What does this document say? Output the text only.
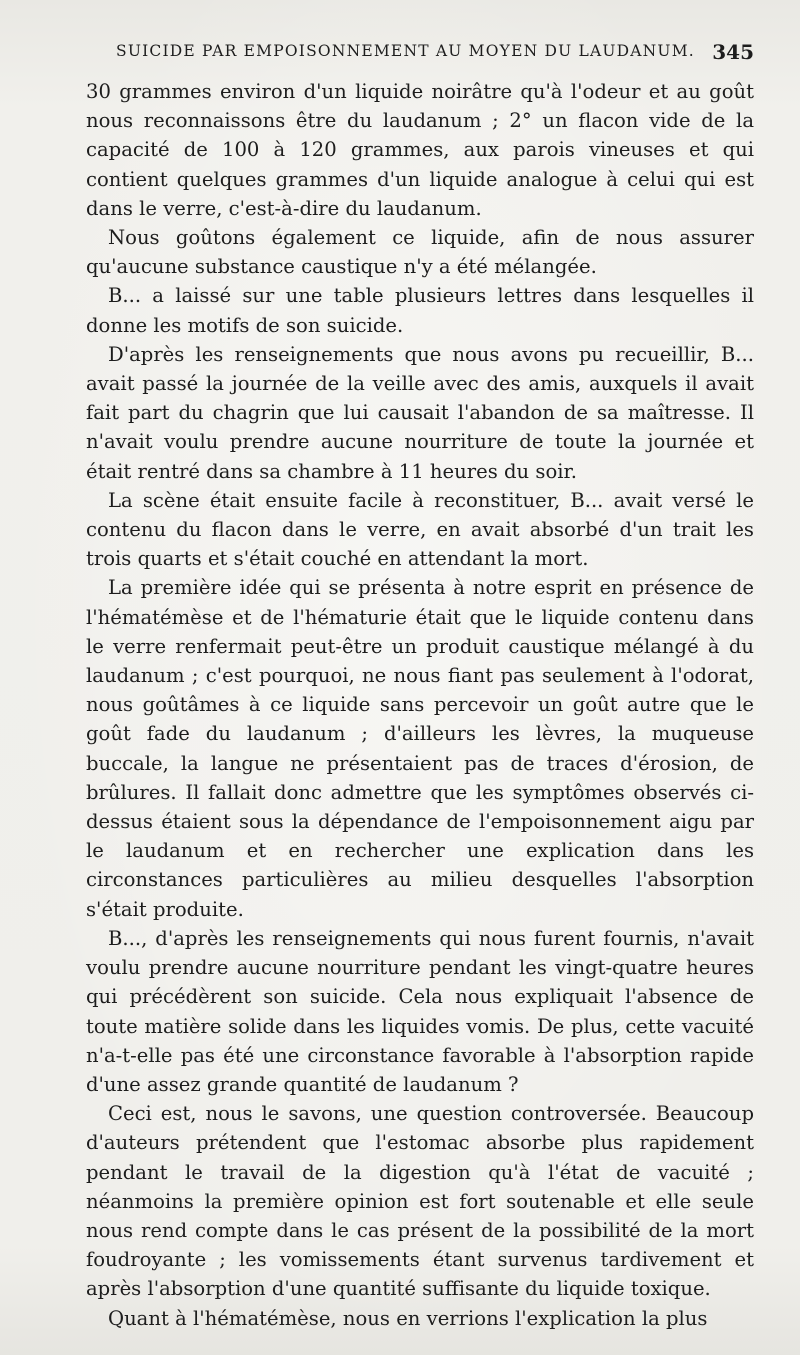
SUICIDE PAR EMPOISONNEMENT AU MOYEN DU LAUDANUM. 345

30 grammes environ d'un liquide noirâtre qu'à l'odeur et au goût nous reconnaissons être du laudanum ; 2° un flacon vide de la capacité de 100 à 120 grammes, aux parois vineuses et qui contient quelques grammes d'un liquide analogue à celui qui est dans le verre, c'est-à-dire du laudanum.

Nous goûtons également ce liquide, afin de nous assurer qu'aucune substance caustique n'y a été mélangée.

B... a laissé sur une table plusieurs lettres dans lesquelles il donne les motifs de son suicide.

D'après les renseignements que nous avons pu recueillir, B... avait passé la journée de la veille avec des amis, auxquels il avait fait part du chagrin que lui causait l'abandon de sa maîtresse. Il n'avait voulu prendre aucune nourriture de toute la journée et était rentré dans sa chambre à 11 heures du soir.

La scène était ensuite facile à reconstituer, B... avait versé le contenu du flacon dans le verre, en avait absorbé d'un trait les trois quarts et s'était couché en attendant la mort.

La première idée qui se présenta à notre esprit en présence de l'hématémèse et de l'hématurie était que le liquide contenu dans le verre renfermait peut-être un produit caustique mélangé à du laudanum ; c'est pourquoi, ne nous fiant pas seulement à l'odorat, nous goûtâmes à ce liquide sans percevoir un goût autre que le goût fade du laudanum ; d'ailleurs les lèvres, la muqueuse buccale, la langue ne présentaient pas de traces d'érosion, de brûlures. Il fallait donc admettre que les symptômes observés ci-dessus étaient sous la dépendance de l'empoisonnement aigu par le laudanum et en rechercher une explication dans les circonstances particulières au milieu desquelles l'absorption s'était produite.

B..., d'après les renseignements qui nous furent fournis, n'avait voulu prendre aucune nourriture pendant les vingt-quatre heures qui précédèrent son suicide. Cela nous expliquait l'absence de toute matière solide dans les liquides vomis. De plus, cette vacuité n'a-t-elle pas été une circonstance favorable à l'absorption rapide d'une assez grande quantité de laudanum ?

Ceci est, nous le savons, une question controversée. Beaucoup d'auteurs prétendent que l'estomac absorbe plus rapidement pendant le travail de la digestion qu'à l'état de vacuité ; néanmoins la première opinion est fort soutenable et elle seule nous rend compte dans le cas présent de la possibilité de la mort foudroyante ; les vomissements étant survenus tardivement et après l'absorption d'une quantité suffisante du liquide toxique.

Quant à l'hématémèse, nous en verrions l'explication la plus
